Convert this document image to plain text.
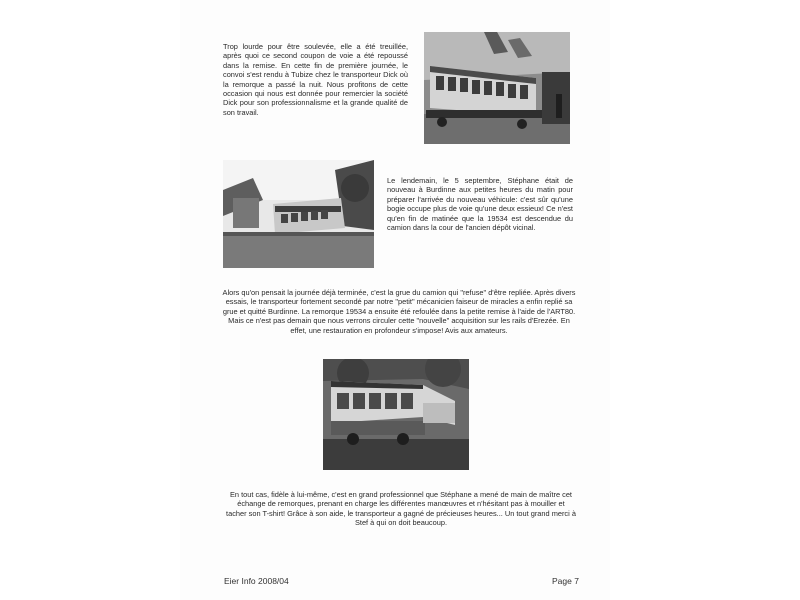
Trop lourde pour être soulevée, elle a été treuillée, après quoi ce second coupon de voie a été repoussé dans la remise. En cette fin de première journée, le convoi s'est rendu à Tubize chez le transporteur Dick où la remorque a passé la nuit. Nous profitons de cette occasion qui nous est donnée pour remercier la société Dick pour son professionnalisme et la grande qualité de son travail.

Le lendemain, le 5 septembre, Stéphane était de nouveau à Burdinne aux petites heures du matin pour préparer l'arrivée du nouveau véhicule: c'est sûr qu'une bogie occupe plus de voie qu'une deux essieux! Ce n'est qu'en fin de matinée que la 19534 est descendue du camion dans la cour de l'ancien dépôt vicinal.

Alors qu'on pensait la journée déjà terminée, c'est la grue du camion qui "refuse" d'être repliée. Après divers essais, le transporteur fortement secondé par notre "petit" mécanicien faiseur de miracles a enfin replié sa grue et quitté Burdinne. La remorque 19534 a ensuite été refoulée dans la petite remise à l'aide de l'ART80. Mais ce n'est pas demain que nous verrons circuler cette "nouvelle" acquisition sur les rails d'Erezée. En effet, une restauration en profondeur s'impose! Avis aux amateurs.

En tout cas, fidèle à lui-même, c'est en grand professionnel que Stéphane a mené de main de maître cet échange de remorques, prenant en charge les différentes manœuvres et n'hésitant pas à mouiller et tacher son T-shirt! Grâce à son aide, le transporteur a gagné de précieuses heures... Un tout grand merci à Stef à qui on doit beaucoup.

Eier Info 2008/04	Page 7
